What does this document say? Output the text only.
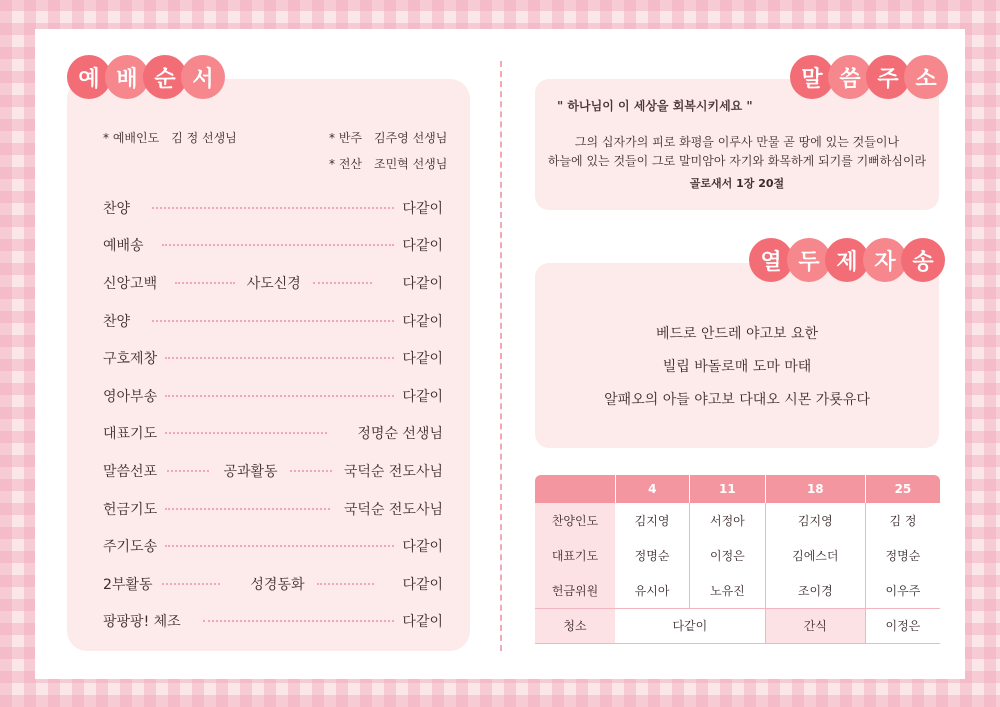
* 예배인도 김 정 선생님	* 반주 김주영 선생님
* 전산 조민혁 선생님
찬양	다같이
예배송	다같이
신앙고백	사도신경	다같이
찬양	다같이
구호제창	다같이
영아부송	다같이
대표기도	정명순 선생님
말씀선포	공과활동	국덕순 전도사님
헌금기도	국덕순 전도사님
주기도송	다같이
2부활동	성경동화	다같이
팡팡팡! 체조	다같이
예 배 순 서
" 하나님이 이 세상을 회복시키세요 "
그의 십자가의 피로 화평을 이루사 만물 곧 땅에 있는 것들이나
하늘에 있는 것들이 그로 말미암아 자기와 화목하게 되기를 기뻐하심이라
골로새서 1장 20절
말 씀 주 소
베드로 안드레 야고보 요한
빌립 바돌로매 도마 마태
알패오의 아들 야고보 다대오 시몬 가룟유다
열 두 제 자 송
	4	11	18	25
찬양인도	김지영	서정아	김지영	김 정
대표기도	정명순	이정은	김에스더	정명순
헌금위원	유시아	노유진	조이경	이우주
청소	다같이		간식	이정은
